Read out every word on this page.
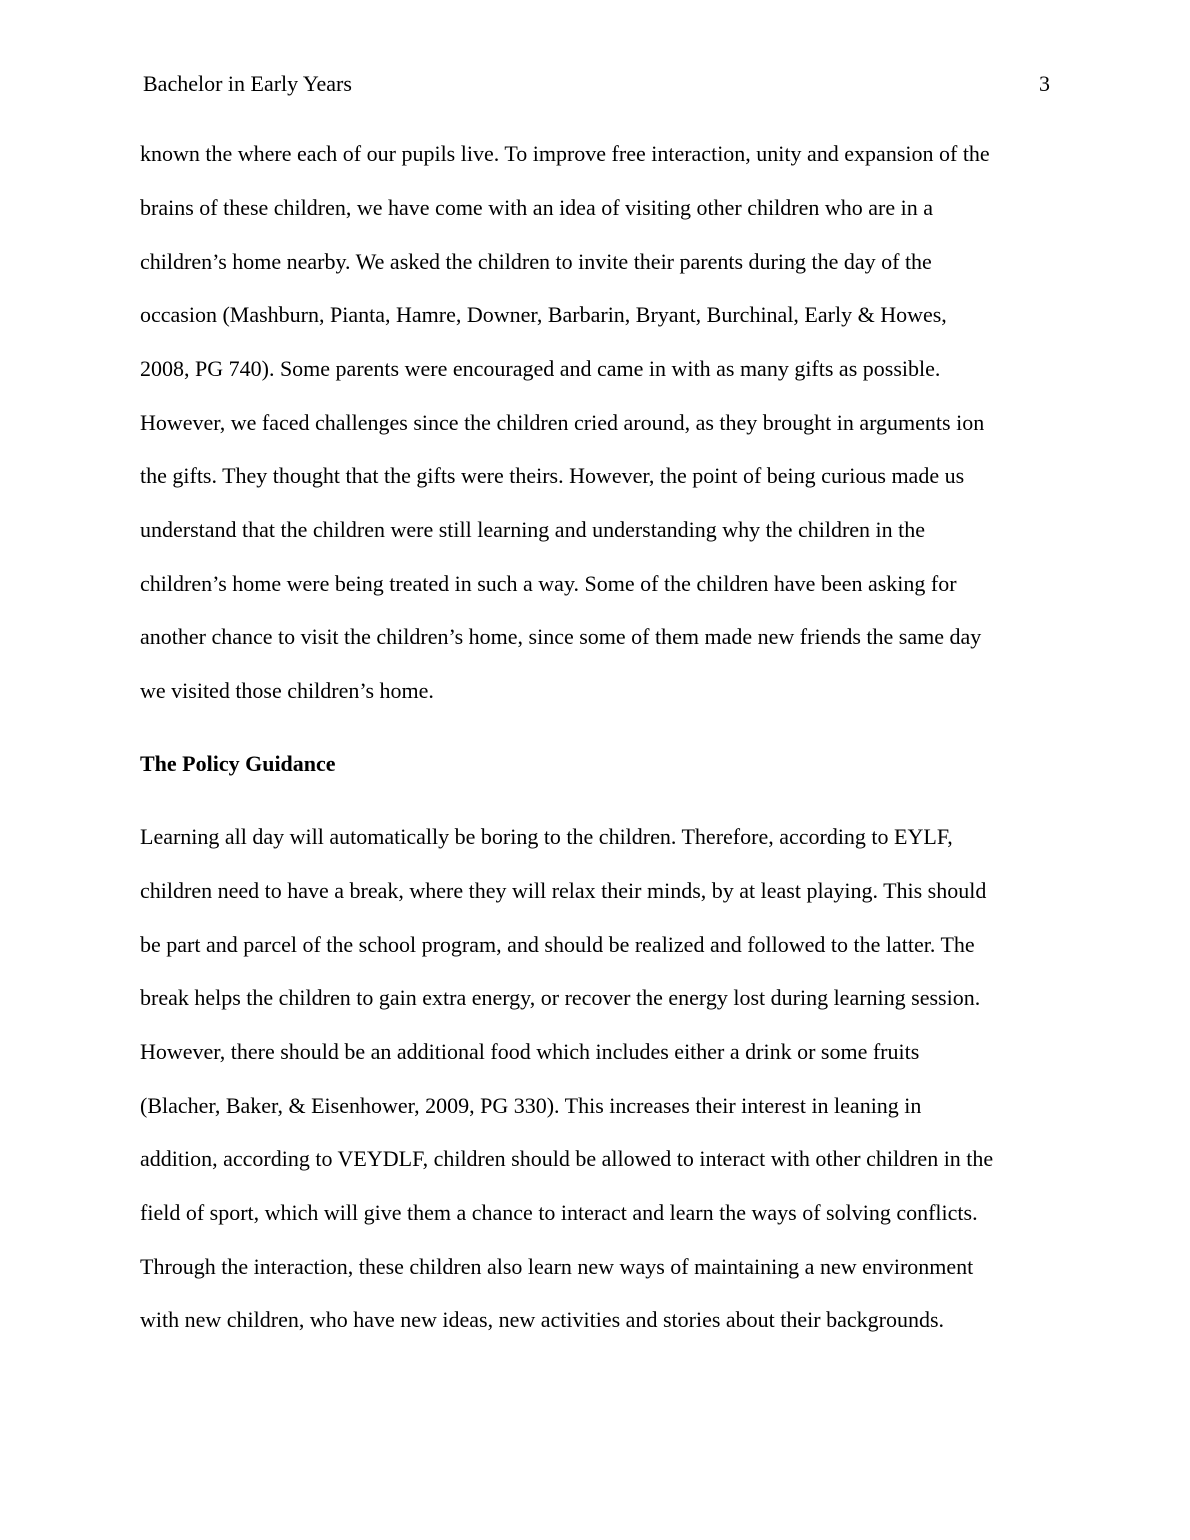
Bachelor in Early Years	3
known the where each of our pupils live. To improve free interaction, unity and expansion of the
brains of these children, we have come with an idea of visiting other children who are in a
children’s home nearby. We asked the children to invite their parents during the day of the
occasion (Mashburn, Pianta, Hamre, Downer, Barbarin, Bryant, Burchinal, Early & Howes,
2008, PG 740). Some parents were encouraged and came in with as many gifts as possible.
However, we faced challenges since the children cried around, as they brought in arguments ion
the gifts. They thought that the gifts were theirs. However, the point of being curious made us
understand that the children were still learning and understanding why the children in the
children’s home were being treated in such a way. Some of the children have been asking for
another chance to visit the children’s home, since some of them made new friends the same day
we visited those children’s home.
The Policy Guidance
Learning all day will automatically be boring to the children. Therefore, according to EYLF,
children need to have a break, where they will relax their minds, by at least playing. This should
be part and parcel of the school program, and should be realized and followed to the latter. The
break helps the children to gain extra energy, or recover the energy lost during learning session.
However, there should be an additional food which includes either a drink or some fruits
(Blacher, Baker, & Eisenhower, 2009, PG 330). This increases their interest in leaning in
addition, according to VEYDLF, children should be allowed to interact with other children in the
field of sport, which will give them a chance to interact and learn the ways of solving conflicts.
Through the interaction, these children also learn new ways of maintaining a new environment
with new children, who have new ideas, new activities and stories about their backgrounds.
